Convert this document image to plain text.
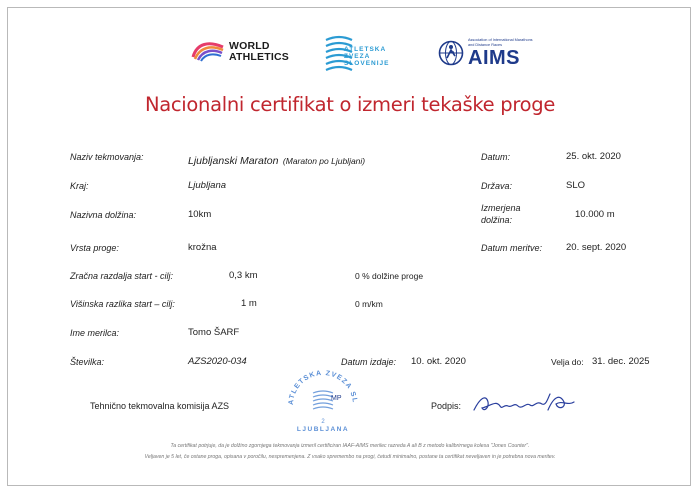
WORLD
ATHLETICS
ATLETSKA
ZVEZA
SLOVENIJE
Association of International Marathons and Distance Races
AIMS
Nacionalni certifikat o izmeri tekaške proge
Naziv tekmovanja:	Ljubljanski Maraton (Maraton po Ljubljani)	Datum:	25. okt. 2020
Kraj:	Ljubljana	Država:	SLO
Nazivna dolžina:	10km
Izmerjena
dolžina:	10.000 m
Vrsta proge:	krožna	Datum meritve:	20. sept. 2020
Zračna razdalja start - cilj:	0,3 km	0 % dolžine proge
Višinska razlika start – cilj:	1 m	0 m/km
Ime merilca:	Tomo ŠARF
Številka:	AZS2020-034	Datum izdaje: 10. okt. 2020	Velja do: 31. dec. 2025
ATLETSKA ZVEZA SL
MP
2
LJUBLJANA
Tehnično tekmovalna komisija AZS	Podpis:
Ta certifikat potrjuje, da je dolžino zgornjega tekmovanja izmeril certificiran IAAF-AIMS merilec razreda A ali B z metodo kalibrirnega kolesa "Jones Counter".
Veljaven je 5 let, če ostane proga, opisana v poročilu, nespremenjena. Z vsako spremembo na progi, četudi minimalno, postane ta certifikat neveljaven in je potrebna nova meritev.
